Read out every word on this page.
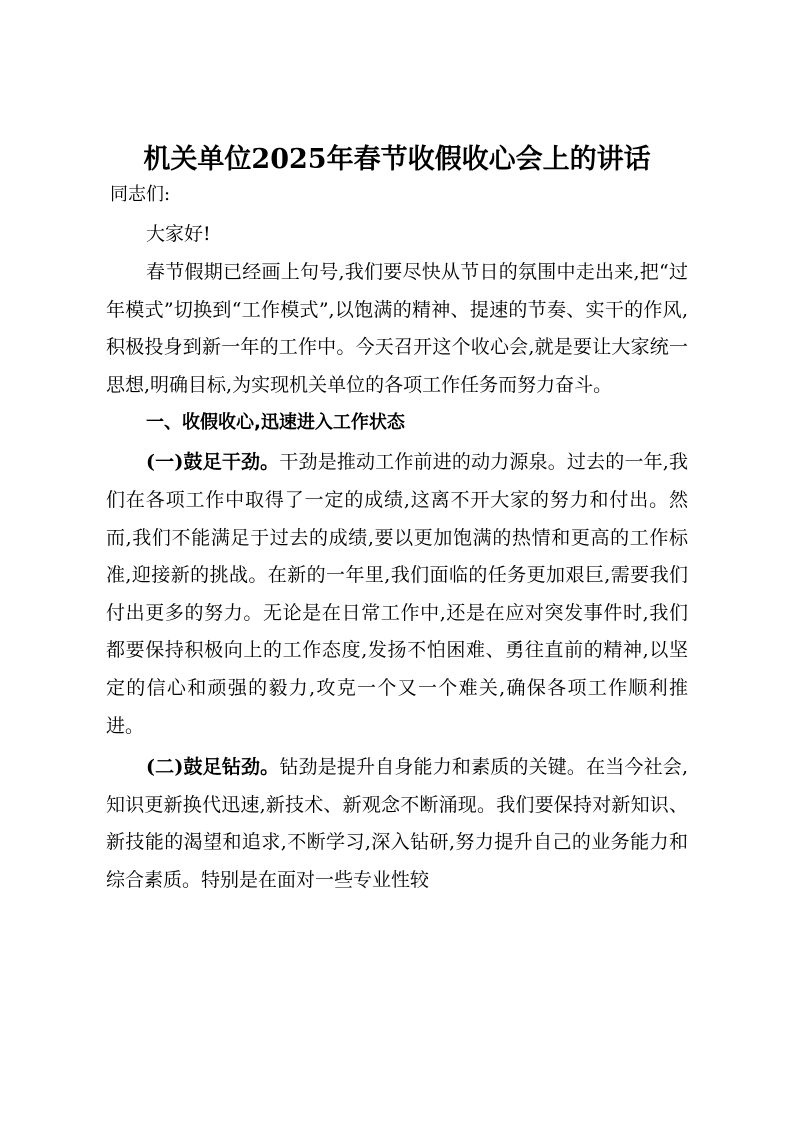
机关单位2025年春节收假收心会上的讲话
同志们:

大家好!

春节假期已经画上句号,我们要尽快从节日的氛围中走出来,把“过年模式”切换到“工作模式”,以饱满的精神、提速的节奏、实干的作风,积极投身到新一年的工作中。今天召开这个收心会,就是要让大家统一思想,明确目标,为实现机关单位的各项工作任务而努力奋斗。

一、收假收心,迅速进入工作状态

(一)鼓足干劲。干劲是推动工作前进的动力源泉。过去的一年,我们在各项工作中取得了一定的成绩,这离不开大家的努力和付出。然而,我们不能满足于过去的成绩,要以更加饱满的热情和更高的工作标准,迎接新的挑战。在新的一年里,我们面临的任务更加艰巨,需要我们付出更多的努力。无论是在日常工作中,还是在应对突发事件时,我们都要保持积极向上的工作态度,发扬不怕困难、勇往直前的精神,以坚定的信心和顽强的毅力,攻克一个又一个难关,确保各项工作顺利推进。

(二)鼓足钻劲。钻劲是提升自身能力和素质的关键。在当今社会,知识更新换代迅速,新技术、新观念不断涌现。我们要保持对新知识、新技能的渴望和追求,不断学习,深入钻研,努力提升自己的业务能力和综合素质。特别是在面对一些专业性较
